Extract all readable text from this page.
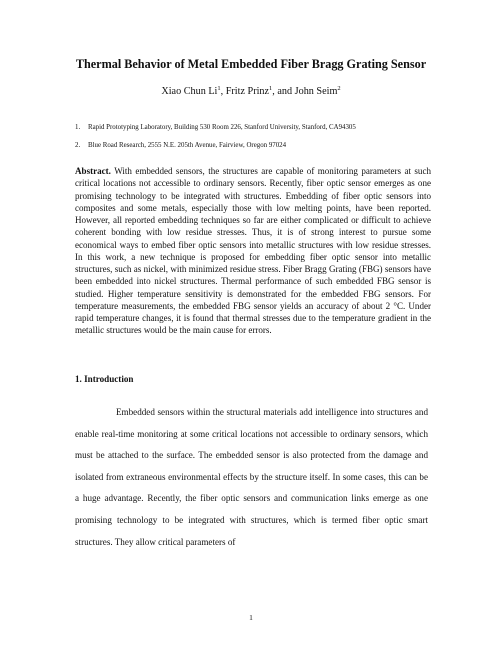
Thermal Behavior of Metal Embedded Fiber Bragg Grating Sensor
Xiao Chun Li$^1$, Fritz Prinz$^1$, and John Seim$^2$
1. Rapid Prototyping Laboratory, Building 530 Room 226, Stanford University, Stanford, CA94305
2. Blue Road Research, 2555 N.E. 205th Avenue, Fairview, Oregon 97024
Abstract. With embedded sensors, the structures are capable of monitoring parameters at such critical locations not accessible to ordinary sensors. Recently, fiber optic sensor emerges as one promising technology to be integrated with structures. Embedding of fiber optic sensors into composites and some metals, especially those with low melting points, have been reported. However, all reported embedding techniques so far are either complicated or difficult to achieve coherent bonding with low residue stresses. Thus, it is of strong interest to pursue some economical ways to embed fiber optic sensors into metallic structures with low residue stresses. In this work, a new technique is proposed for embedding fiber optic sensor into metallic structures, such as nickel, with minimized residue stress. Fiber Bragg Grating (FBG) sensors have been embedded into nickel structures. Thermal performance of such embedded FBG sensor is studied. Higher temperature sensitivity is demonstrated for the embedded FBG sensors. For temperature measurements, the embedded FBG sensor yields an accuracy of about 2 °C. Under rapid temperature changes, it is found that thermal stresses due to the temperature gradient in the metallic structures would be the main cause for errors.
1. Introduction
Embedded sensors within the structural materials add intelligence into structures and enable real-time monitoring at some critical locations not accessible to ordinary sensors, which must be attached to the surface. The embedded sensor is also protected from the damage and isolated from extraneous environmental effects by the structure itself. In some cases, this can be a huge advantage. Recently, the fiber optic sensors and communication links emerge as one promising technology to be integrated with structures, which is termed fiber optic smart structures. They allow critical parameters of
1
